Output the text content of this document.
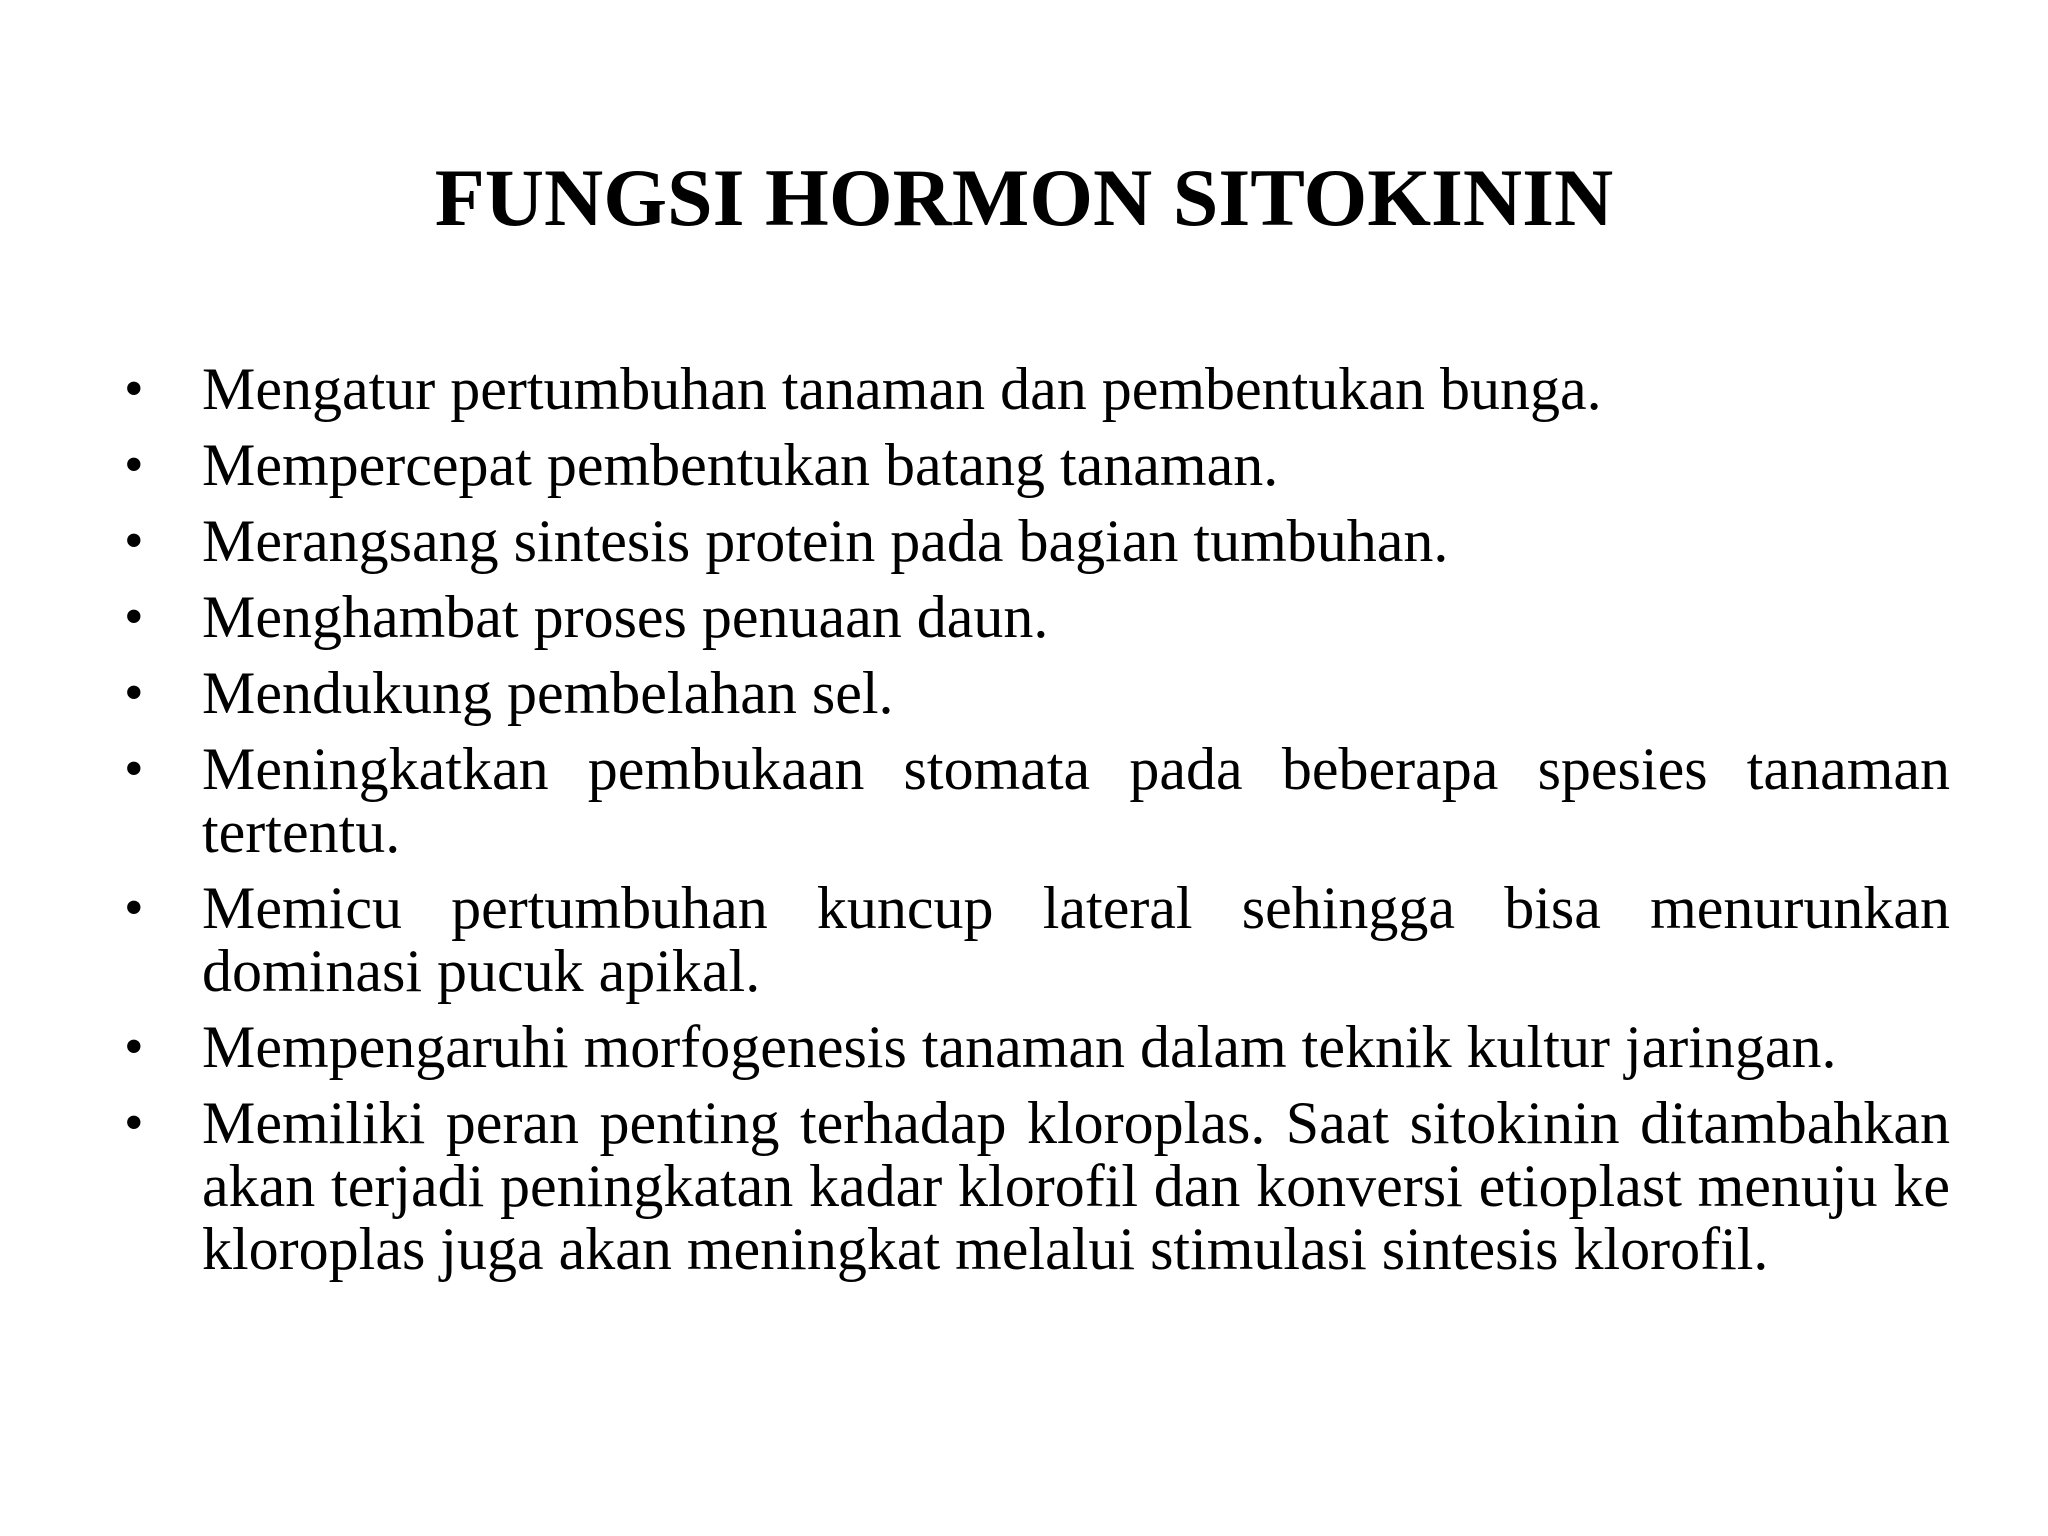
FUNGSI HORMON SITOKININ
• Mengatur pertumbuhan tanaman dan pembentukan bunga.
• Mempercepat pembentukan batang tanaman.
• Merangsang sintesis protein pada bagian tumbuhan.
• Menghambat proses penuaan daun.
• Mendukung pembelahan sel.
• Meningkatkan pembukaan stomata pada beberapa spesies tanaman tertentu.
• Memicu pertumbuhan kuncup lateral sehingga bisa menurunkan dominasi pucuk apikal.
• Mempengaruhi morfogenesis tanaman dalam teknik kultur jaringan.
• Memiliki peran penting terhadap kloroplas. Saat sitokinin ditambahkan akan terjadi peningkatan kadar klorofil dan konversi etioplast menuju ke kloroplas juga akan meningkat melalui stimulasi sintesis klorofil.
